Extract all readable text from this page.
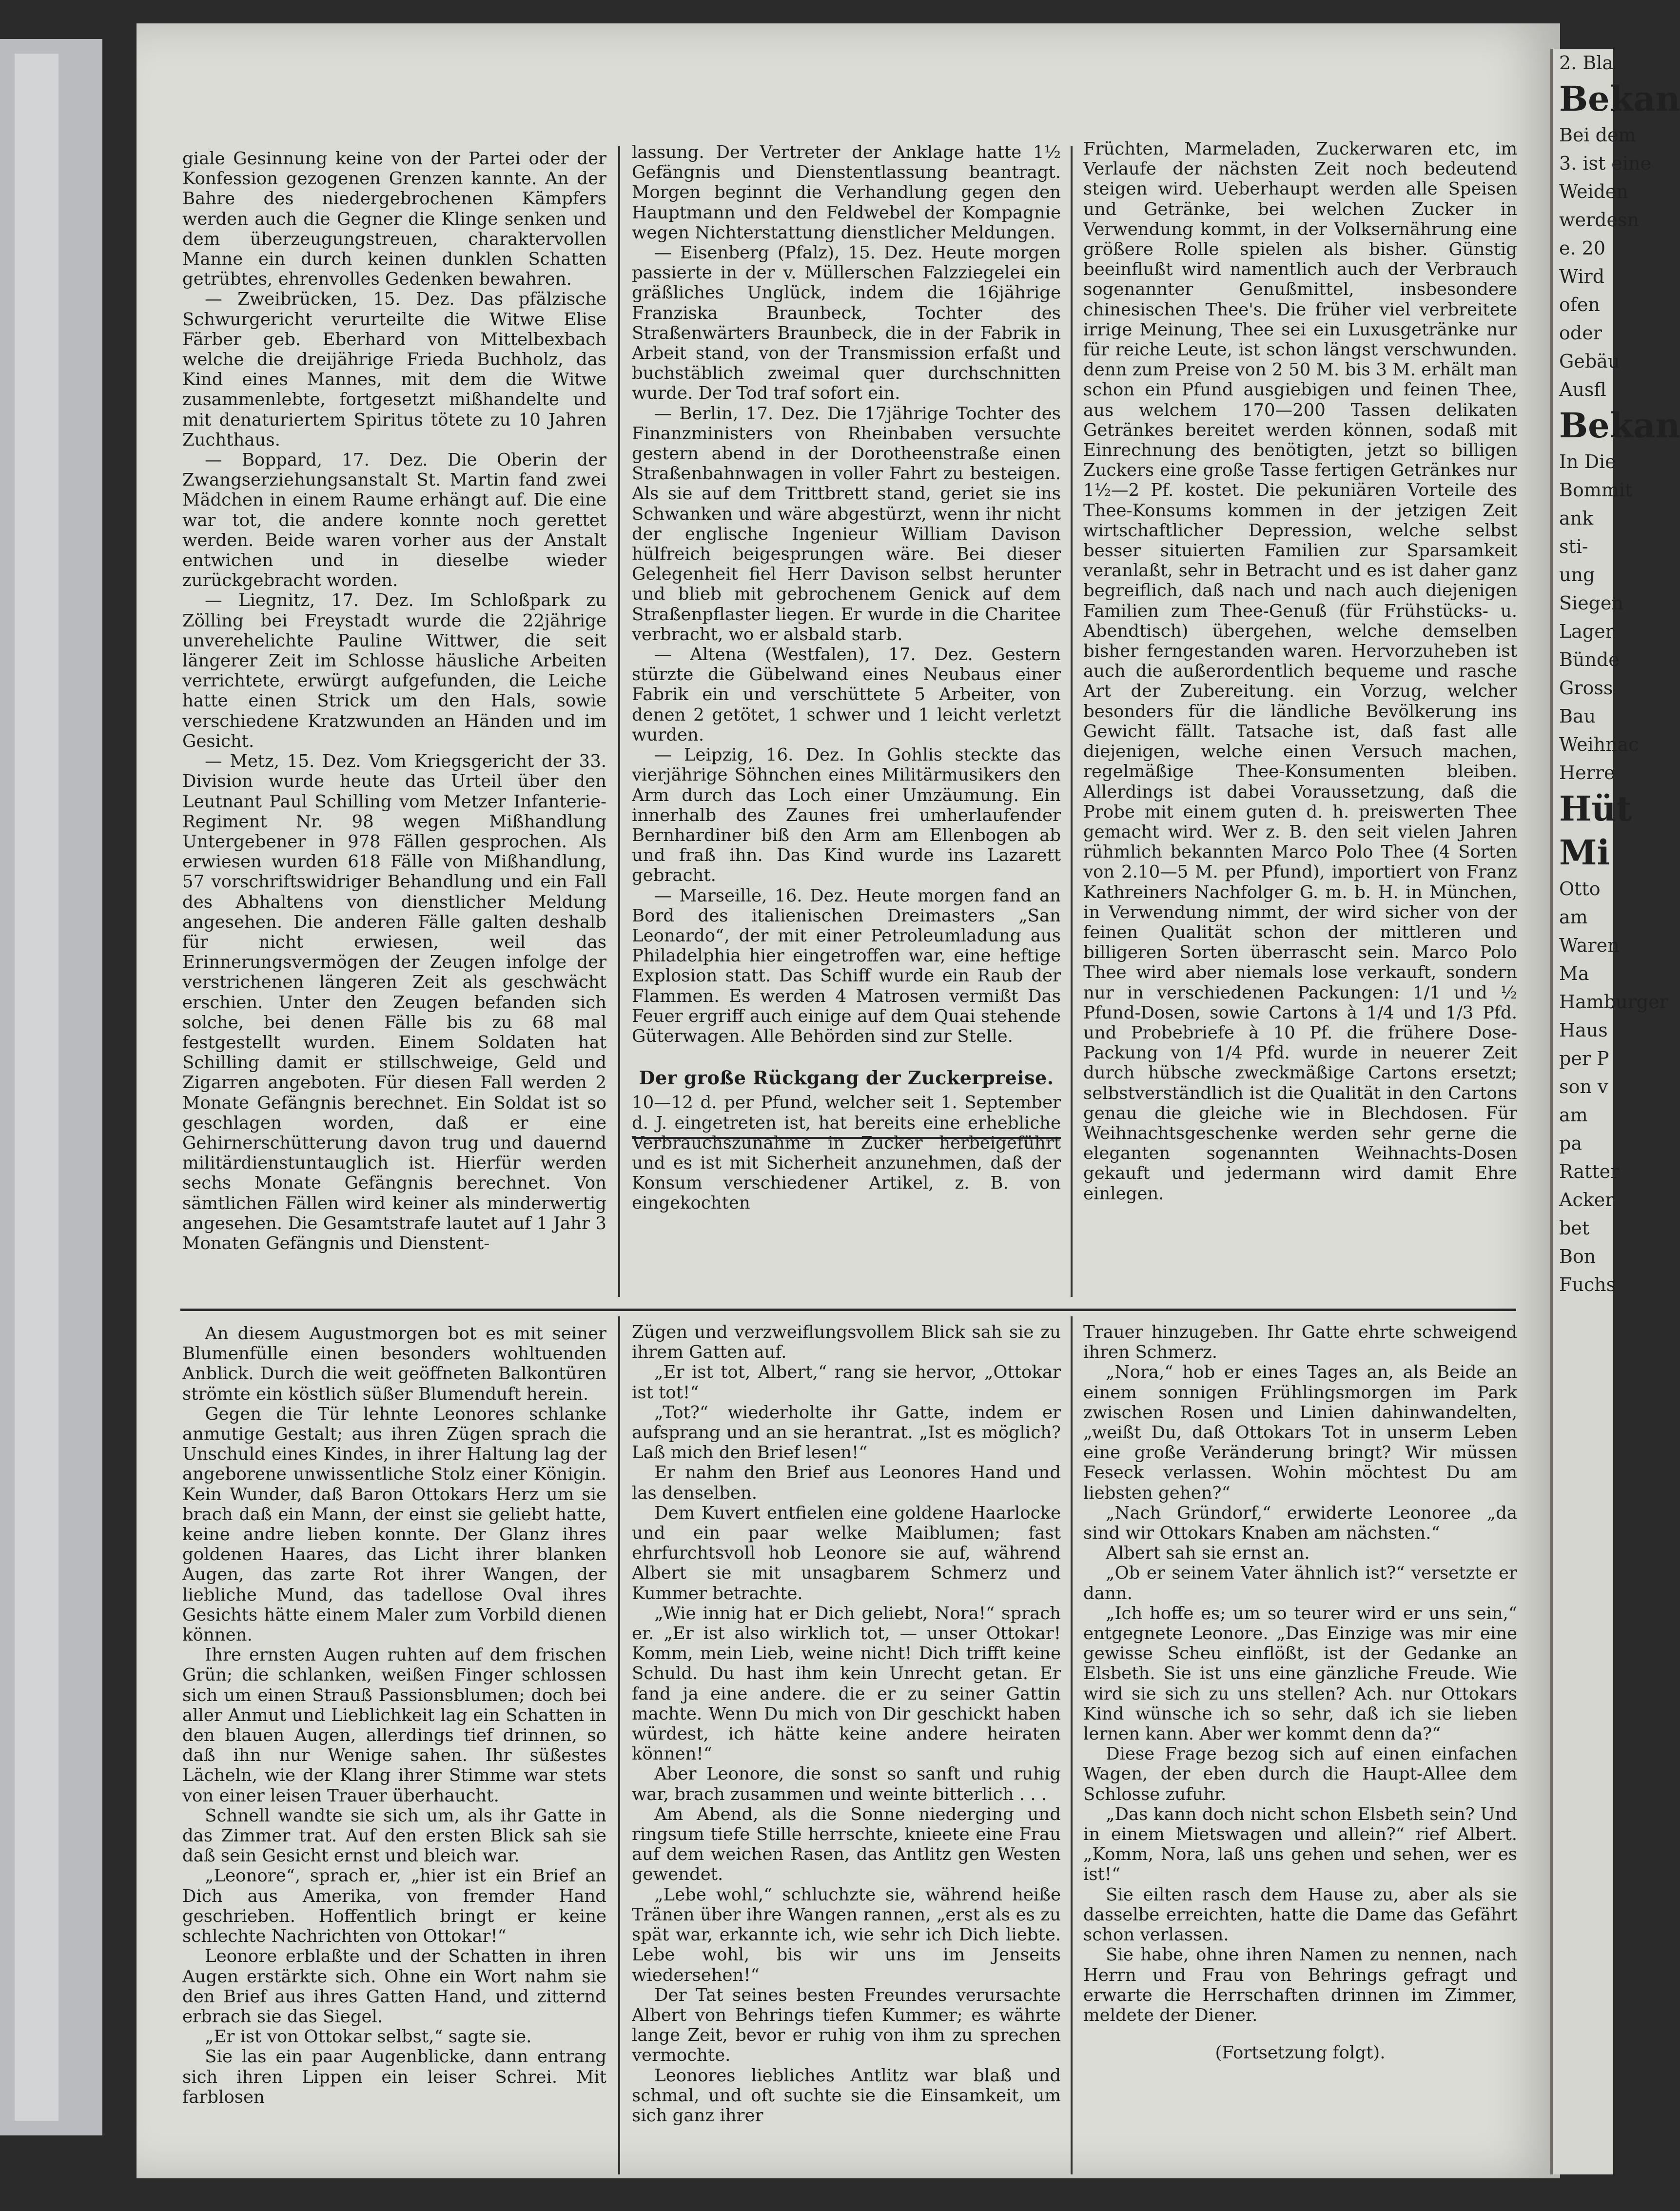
giale Gesinnung keine von der Partei oder der Konfession gezogenen Grenzen kannte. An der Bahre des niedergebrochenen Kämpfers werden auch die Gegner die Klinge senken und dem überzeugungstreuen, charaktervollen Manne ein durch keinen dunklen Schatten getrübtes, ehrenvolles Gedenken bewahren.

— Zweibrücken, 15. Dez. Das pfälzische Schwurgericht verurteilte die Witwe Elise Färber geb. Eberhard von Mittelbexbach welche die dreijährige Frieda Buchholz, das Kind eines Mannes, mit dem die Witwe zusammenlebte, fortgesetzt mißhandelte und mit denaturiertem Spiritus tötete zu 10 Jahren Zuchthaus.

— Boppard, 17. Dez. Die Oberin der Zwangserziehungsanstalt St. Martin fand zwei Mädchen in einem Raume erhängt auf. Die eine war tot, die andere konnte noch gerettet werden. Beide waren vorher aus der Anstalt entwichen und in dieselbe wieder zurückgebracht worden.

— Liegnitz, 17. Dez. Im Schloßpark zu Zölling bei Freystadt wurde die 22jährige unverehelichte Pauline Wittwer, die seit längerer Zeit im Schlosse häusliche Arbeiten verrichtete, erwürgt aufgefunden, die Leiche hatte einen Strick um den Hals, sowie verschiedene Kratzwunden an Händen und im Gesicht.

— Metz, 15. Dez. Vom Kriegsgericht der 33. Division wurde heute das Urteil über den Leutnant Paul Schilling vom Metzer Infanterie-Regiment Nr. 98 wegen Mißhandlung Untergebener in 978 Fällen gesprochen. Als erwiesen wurden 618 Fälle von Mißhandlung, 57 vorschriftswidriger Behandlung und ein Fall des Abhaltens von dienstlicher Meldung angesehen. Die anderen Fälle galten deshalb für nicht erwiesen, weil das Erinnerungsvermögen der Zeugen infolge der verstrichenen längeren Zeit als geschwächt erschien. Unter den Zeugen befanden sich solche, bei denen Fälle bis zu 68 mal festgestellt wurden. Einem Soldaten hat Schilling damit er stillschweige, Geld und Zigarren angeboten. Für diesen Fall werden 2 Monate Gefängnis berechnet. Ein Soldat ist so geschlagen worden, daß er eine Gehirnerschütterung davon trug und dauernd militärdienstuntauglich ist. Hierfür werden sechs Monate Gefängnis berechnet. Von sämtlichen Fällen wird keiner als minderwertig angesehen. Die Gesamtstrafe lautet auf 1 Jahr 3 Monaten Gefängnis und Dienstent-

lassung. Der Vertreter der Anklage hatte 1½ Gefängnis und Dienstentlassung beantragt. Morgen beginnt die Verhandlung gegen den Hauptmann und den Feldwebel der Kompagnie wegen Nichterstattung dienstlicher Meldungen.

— Eisenberg (Pfalz), 15. Dez. Heute morgen passierte in der v. Müllerschen Falzziegelei ein gräßliches Unglück, indem die 16jährige Franziska Braunbeck, Tochter des Straßenwärters Braunbeck, die in der Fabrik in Arbeit stand, von der Transmission erfaßt und buchstäblich zweimal quer durchschnitten wurde. Der Tod traf sofort ein.

— Berlin, 17. Dez. Die 17jährige Tochter des Finanzministers von Rheinbaben versuchte gestern abend in der Dorotheenstraße einen Straßenbahnwagen in voller Fahrt zu besteigen. Als sie auf dem Trittbrett stand, geriet sie ins Schwanken und wäre abgestürzt, wenn ihr nicht der englische Ingenieur William Davison hülfreich beigesprungen wäre. Bei dieser Gelegenheit fiel Herr Davison selbst herunter und blieb mit gebrochenem Genick auf dem Straßenpflaster liegen. Er wurde in die Charitee verbracht, wo er alsbald starb.

— Altena (Westfalen), 17. Dez. Gestern stürzte die Gübelwand eines Neubaus einer Fabrik ein und verschüttete 5 Arbeiter, von denen 2 getötet, 1 schwer und 1 leicht verletzt wurden.

— Leipzig, 16. Dez. In Gohlis steckte das vierjährige Söhnchen eines Militärmusikers den Arm durch das Loch einer Umzäumung. Ein innerhalb des Zaunes frei umherlaufender Bernhardiner biß den Arm am Ellenbogen ab und fraß ihn. Das Kind wurde ins Lazarett gebracht.

— Marseille, 16. Dez. Heute morgen fand an Bord des italienischen Dreimasters „San Leonardo“, der mit einer Petroleumladung aus Philadelphia hier eingetroffen war, eine heftige Explosion statt. Das Schiff wurde ein Raub der Flammen. Es werden 4 Matrosen vermißt Das Feuer ergriff auch einige auf dem Quai stehende Güterwagen. Alle Behörden sind zur Stelle.

Der große Rückgang der Zuckerpreise.

10—12 d. per Pfund, welcher seit 1. September d. J. eingetreten ist, hat bereits eine erhebliche Verbrauchszunahme in Zucker herbeigeführt und es ist mit Sicherheit anzunehmen, daß der Konsum verschiedener Artikel, z. B. von eingekochten

Früchten, Marmeladen, Zuckerwaren etc, im Verlaufe der nächsten Zeit noch bedeutend steigen wird. Ueberhaupt werden alle Speisen und Getränke, bei welchen Zucker in Verwendung kommt, in der Volksernährung eine größere Rolle spielen als bisher. Günstig beeinflußt wird namentlich auch der Verbrauch sogenannter Genußmittel, insbesondere chinesischen Thee's. Die früher viel verbreitete irrige Meinung, Thee sei ein Luxusgetränke nur für reiche Leute, ist schon längst verschwunden. denn zum Preise von 2 50 M. bis 3 M. erhält man schon ein Pfund ausgiebigen und feinen Thee, aus welchem 170—200 Tassen delikaten Getränkes bereitet werden können, sodaß mit Einrechnung des benötigten, jetzt so billigen Zuckers eine große Tasse fertigen Getränkes nur 1½—2 Pf. kostet. Die pekuniären Vorteile des Thee-Konsums kommen in der jetzigen Zeit wirtschaftlicher Depression, welche selbst besser situierten Familien zur Sparsamkeit veranlaßt, sehr in Betracht und es ist daher ganz begreiflich, daß nach und nach auch diejenigen Familien zum Thee-Genuß (für Frühstücks- u. Abendtisch) übergehen, welche demselben bisher ferngestanden waren. Hervorzuheben ist auch die außerordentlich bequeme und rasche Art der Zubereitung. ein Vorzug, welcher besonders für die ländliche Bevölkerung ins Gewicht fällt. Tatsache ist, daß fast alle diejenigen, welche einen Versuch machen, regelmäßige Thee-Konsumenten bleiben. Allerdings ist dabei Voraussetzung, daß die Probe mit einem guten d. h. preiswerten Thee gemacht wird. Wer z. B. den seit vielen Jahren rühmlich bekannten Marco Polo Thee (4 Sorten von 2.10—5 M. per Pfund), importiert von Franz Kathreiners Nachfolger G. m. b. H. in München, in Verwendung nimmt, der wird sicher von der feinen Qualität schon der mittleren und billigeren Sorten überrascht sein. Marco Polo Thee wird aber niemals lose verkauft, sondern nur in verschiedenen Packungen: 1/1 und ½ Pfund-Dosen, sowie Cartons à 1/4 und 1/3 Pfd. und Probebriefe à 10 Pf. die frühere Dose-Packung von 1/4 Pfd. wurde in neuerer Zeit durch hübsche zweckmäßige Cartons ersetzt; selbstverständlich ist die Qualität in den Cartons genau die gleiche wie in Blechdosen. Für Weihnachtsgeschenke werden sehr gerne die eleganten sogenannten Weihnachts-Dosen gekauft und jedermann wird damit Ehre einlegen.

An diesem Augustmorgen bot es mit seiner Blumenfülle einen besonders wohltuenden Anblick. Durch die weit geöffneten Balkontüren strömte ein köstlich süßer Blumenduft herein.

Gegen die Tür lehnte Leonores schlanke anmutige Gestalt; aus ihren Zügen sprach die Unschuld eines Kindes, in ihrer Haltung lag der angeborene unwissentliche Stolz einer Königin. Kein Wunder, daß Baron Ottokars Herz um sie brach daß ein Mann, der einst sie geliebt hatte, keine andre lieben konnte. Der Glanz ihres goldenen Haares, das Licht ihrer blanken Augen, das zarte Rot ihrer Wangen, der liebliche Mund, das tadellose Oval ihres Gesichts hätte einem Maler zum Vorbild dienen können.

Ihre ernsten Augen ruhten auf dem frischen Grün; die schlanken, weißen Finger schlossen sich um einen Strauß Passionsblumen; doch bei aller Anmut und Lieblichkeit lag ein Schatten in den blauen Augen, allerdings tief drinnen, so daß ihn nur Wenige sahen. Ihr süßestes Lächeln, wie der Klang ihrer Stimme war stets von einer leisen Trauer überhaucht.

Schnell wandte sie sich um, als ihr Gatte in das Zimmer trat. Auf den ersten Blick sah sie daß sein Gesicht ernst und bleich war.

„Leonore“, sprach er, „hier ist ein Brief an Dich aus Amerika, von fremder Hand geschrieben. Hoffentlich bringt er keine schlechte Nachrichten von Ottokar!“

Leonore erblaßte und der Schatten in ihren Augen erstärkte sich. Ohne ein Wort nahm sie den Brief aus ihres Gatten Hand, und zitternd erbrach sie das Siegel.

„Er ist von Ottokar selbst,“ sagte sie.

Sie las ein paar Augenblicke, dann entrang sich ihren Lippen ein leiser Schrei. Mit farblosen

Zügen und verzweiflungsvollem Blick sah sie zu ihrem Gatten auf.

„Er ist tot, Albert,“ rang sie hervor, „Ottokar ist tot!“

„Tot?“ wiederholte ihr Gatte, indem er aufsprang und an sie herantrat. „Ist es möglich? Laß mich den Brief lesen!“

Er nahm den Brief aus Leonores Hand und las denselben.

Dem Kuvert entfielen eine goldene Haarlocke und ein paar welke Maiblumen; fast ehrfurchtsvoll hob Leonore sie auf, während Albert sie mit unsagbarem Schmerz und Kummer betrachte.

„Wie innig hat er Dich geliebt, Nora!“ sprach er. „Er ist also wirklich tot, — unser Ottokar! Komm, mein Lieb, weine nicht! Dich trifft keine Schuld. Du hast ihm kein Unrecht getan. Er fand ja eine andere. die er zu seiner Gattin machte. Wenn Du mich von Dir geschickt haben würdest, ich hätte keine andere heiraten können!“

Aber Leonore, die sonst so sanft und ruhig war, brach zusammen und weinte bitterlich . . .

Am Abend, als die Sonne niederging und ringsum tiefe Stille herrschte, knieete eine Frau auf dem weichen Rasen, das Antlitz gen Westen gewendet.

„Lebe wohl,“ schluchzte sie, während heiße Tränen über ihre Wangen rannen, „erst als es zu spät war, erkannte ich, wie sehr ich Dich liebte. Lebe wohl, bis wir uns im Jenseits wiedersehen!“

Der Tat seines besten Freundes verursachte Albert von Behrings tiefen Kummer; es währte lange Zeit, bevor er ruhig von ihm zu sprechen vermochte.

Leonores liebliches Antlitz war blaß und schmal, und oft suchte sie die Einsamkeit, um sich ganz ihrer

Trauer hinzugeben. Ihr Gatte ehrte schweigend ihren Schmerz.

„Nora,“ hob er eines Tages an, als Beide an einem sonnigen Frühlingsmorgen im Park zwischen Rosen und Linien dahinwandelten, „weißt Du, daß Ottokars Tot in unserm Leben eine große Veränderung bringt? Wir müssen Feseck verlassen. Wohin möchtest Du am liebsten gehen?“

„Nach Gründorf,“ erwiderte Leonoree „da sind wir Ottokars Knaben am nächsten.“

Albert sah sie ernst an.

„Ob er seinem Vater ähnlich ist?“ versetzte er dann.

„Ich hoffe es; um so teurer wird er uns sein,“ entgegnete Leonore. „Das Einzige was mir eine gewisse Scheu einflößt, ist der Gedanke an Elsbeth. Sie ist uns eine gänzliche Freude. Wie wird sie sich zu uns stellen? Ach. nur Ottokars Kind wünsche ich so sehr, daß ich sie lieben lernen kann. Aber wer kommt denn da?“

Diese Frage bezog sich auf einen einfachen Wagen, der eben durch die Haupt-Allee dem Schlosse zufuhr.

„Das kann doch nicht schon Elsbeth sein? Und in einem Mietswagen und allein?“ rief Albert. „Komm, Nora, laß uns gehen und sehen, wer es ist!“

Sie eilten rasch dem Hause zu, aber als sie dasselbe erreichten, hatte die Dame das Gefährt schon verlassen.

Sie habe, ohne ihren Namen zu nennen, nach Herrn und Frau von Behrings gefragt und erwarte die Herrschaften drinnen im Zimmer, meldete der Diener.

(Fortsetzung folgt).
2. Bla
Bekan
Bei dem
3. ist eine
Weiden
werdesn
e. 20
Wird
ofen
oder
Gebäu
Ausfl
Bekan
In Die
Bommit
ank
sti-
ung
Siegen
Lager
Bünde
Gross
Bau
Weihnac
Herre
Hüt
Mi
Otto
am
Waren
Ma
Hamburger
Haus
per P
son v
am
pa
Ratter
Acker
bet
Bon
Fuchs
